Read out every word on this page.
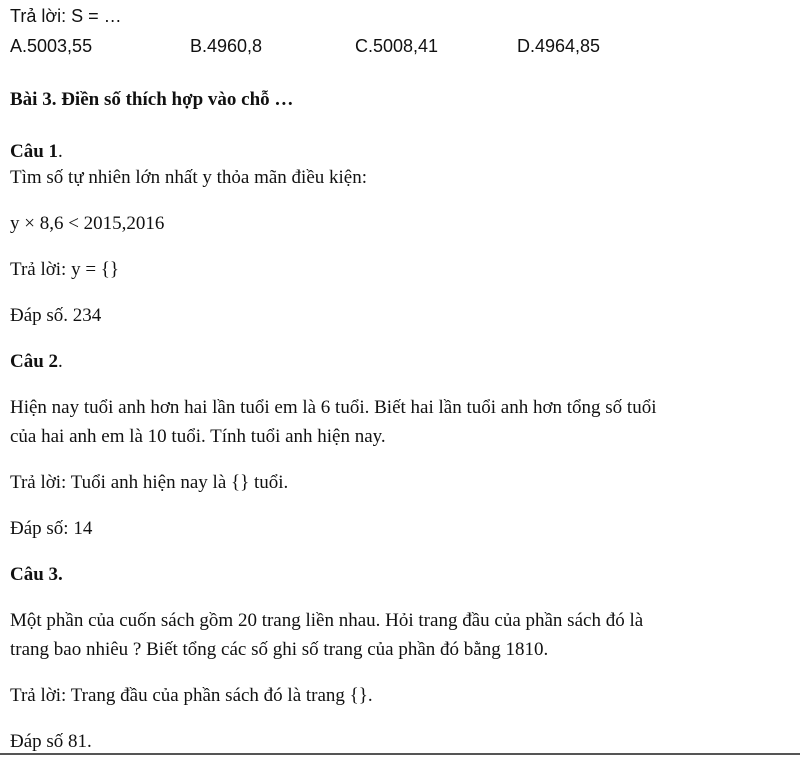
Trả lời: S = …
A.5003,55	B.4960,8	C.5008,41	D.4964,85
Bài 3. Điền số thích hợp vào chỗ …
Câu 1.
Tìm số tự nhiên lớn nhất y thỏa mãn điều kiện:
y × 8,6 < 2015,2016
Trả lời: y = {}
Đáp số. 234
Câu 2.
Hiện nay tuổi anh hơn hai lần tuổi em là 6 tuổi. Biết hai lần tuổi anh hơn tổng số tuổi
của hai anh em là 10 tuổi. Tính tuổi anh hiện nay.
Trả lời: Tuổi anh hiện nay là {} tuổi.
Đáp số: 14
Câu 3.
Một phần của cuốn sách gồm 20 trang liền nhau. Hỏi trang đầu của phần sách đó là
trang bao nhiêu ? Biết tổng các số ghi số trang của phần đó bằng 1810.
Trả lời: Trang đầu của phần sách đó là trang {}.
Đáp số 81.
